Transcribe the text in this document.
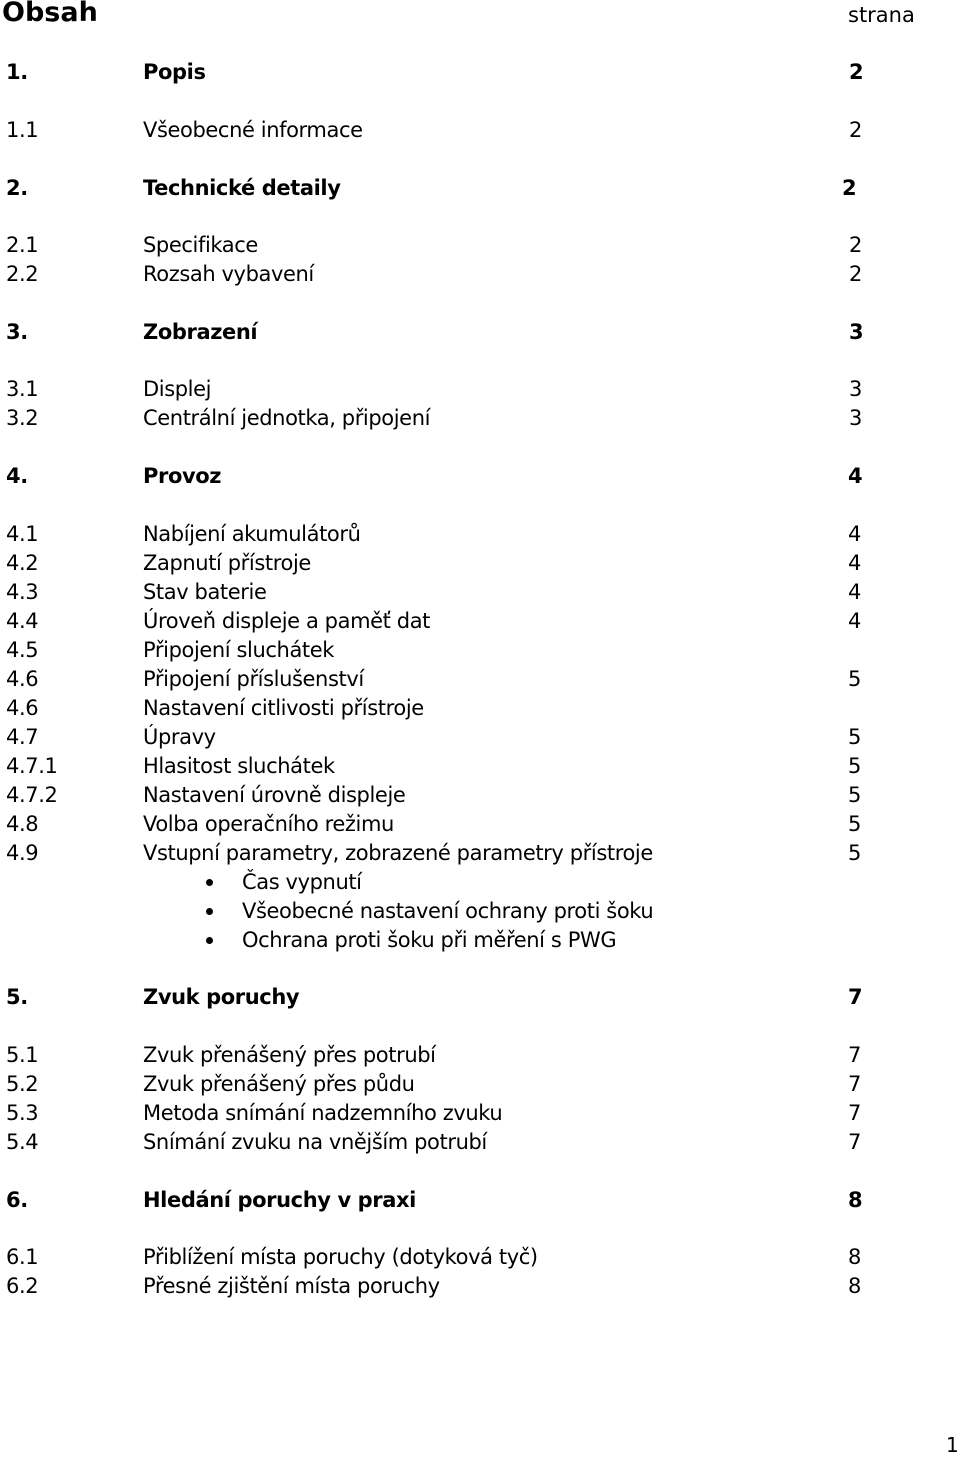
Obsah	strana
1.	Popis	2
1.1	Všeobecné informace	2
2.	Technické detaily	2
2.1	Specifikace	2
2.2	Rozsah vybavení	2
3.	Zobrazení	3
3.1	Displej	3
3.2	Centrální jednotka, připojení	3
4.	Provoz	4
4.1	Nabíjení akumulátorů	4
4.2	Zapnutí přístroje	4
4.3	Stav baterie	4
4.4	Úroveň displeje a paměť dat	4
4.5	Připojení sluchátek
4.6	Připojení příslušenství	5
4.6	Nastavení citlivosti přístroje
4.7	Úpravy	5
4.7.1	Hlasitost sluchátek	5
4.7.2	Nastavení úrovně displeje	5
4.8	Volba operačního režimu	5
4.9	Vstupní parametry, zobrazené parametry přístroje	5
5.	Zvuk poruchy	7
5.1	Zvuk přenášený přes potrubí	7
5.2	Zvuk přenášený přes půdu	7
5.3	Metoda snímání nadzemního zvuku	7
5.4	Snímání zvuku na vnějším potrubí	7
6.	Hledání poruchy v praxi	8
6.1	Přiblížení místa poruchy (dotyková tyč)	8
6.2	Přesné zjištění místa poruchy	8
Čas vypnutí
Všeobecné nastavení ochrany proti šoku
Ochrana proti šoku při měření s PWG
1
